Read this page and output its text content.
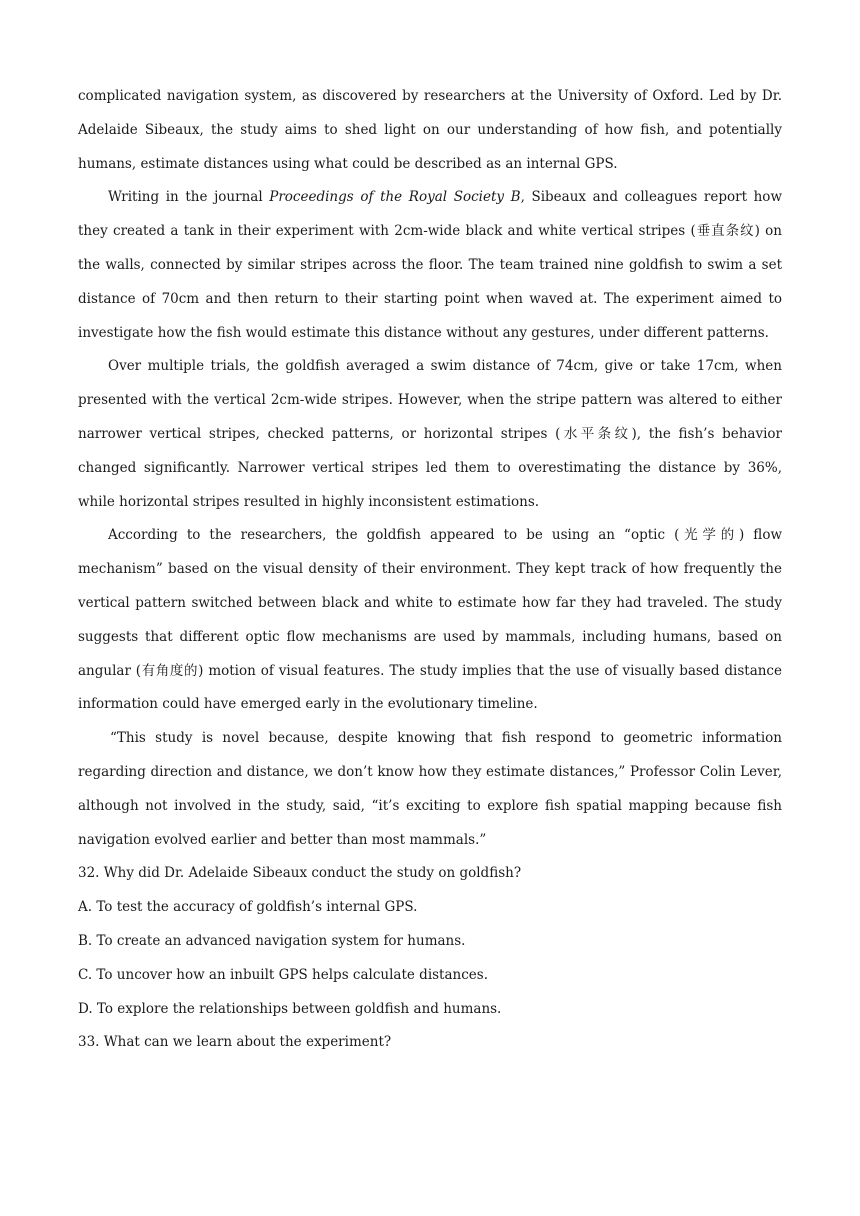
complicated navigation system, as discovered by researchers at the University of Oxford. Led by Dr. Adelaide Sibeaux, the study aims to shed light on our understanding of how fish, and potentially humans, estimate distances using what could be described as an internal GPS.

Writing in the journal Proceedings of the Royal Society B, Sibeaux and colleagues report how they created a tank in their experiment with 2cm-wide black and white vertical stripes (垂直条纹) on the walls, connected by similar stripes across the floor. The team trained nine goldfish to swim a set distance of 70cm and then return to their starting point when waved at. The experiment aimed to investigate how the fish would estimate this distance without any gestures, under different patterns.

Over multiple trials, the goldfish averaged a swim distance of 74cm, give or take 17cm, when presented with the vertical 2cm-wide stripes. However, when the stripe pattern was altered to either narrower vertical stripes, checked patterns, or horizontal stripes (水平条纹), the fish’s behavior changed significantly. Narrower vertical stripes led them to overestimating the distance by 36%, while horizontal stripes resulted in highly inconsistent estimations.

According to the researchers, the goldfish appeared to be using an “optic (光学的) flow mechanism” based on the visual density of their environment. They kept track of how frequently the vertical pattern switched between black and white to estimate how far they had traveled. The study suggests that different optic flow mechanisms are used by mammals, including humans, based on angular (有角度的) motion of visual features. The study implies that the use of visually based distance information could have emerged early in the evolutionary timeline.

“This study is novel because, despite knowing that fish respond to geometric information regarding direction and distance, we don’t know how they estimate distances,” Professor Colin Lever, although not involved in the study, said, “it’s exciting to explore fish spatial mapping because fish navigation evolved earlier and better than most mammals.”

32. Why did Dr. Adelaide Sibeaux conduct the study on goldfish?

A. To test the accuracy of goldfish’s internal GPS.

B. To create an advanced navigation system for humans.

C. To uncover how an inbuilt GPS helps calculate distances.

D. To explore the relationships between goldfish and humans.

33. What can we learn about the experiment?
